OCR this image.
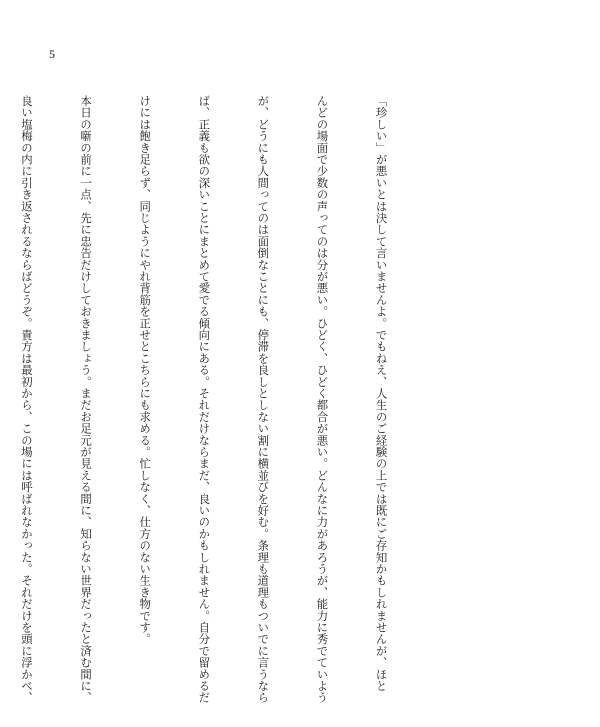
5

「珍しい」が悪いとは決して言いませんよ。でもねえ、人生のご経験の上では既にご存知かもしれませんが、ほと

んどの場面で少数の声ってのは分が悪い。ひどく、ひどく都合が悪い。どんなに力があろうが、能力に秀でていよう

が、どうにも人間ってのは面倒なことにも、停滞を良しとしない割に横並びを好む。条理も道理もついでに言うなら

ば、正義も欲の深いことにまとめて愛でる傾向にある。それだけならまだ、良いのかもしれません。自分で留めるだ

けには飽き足らず、同じようにやれ背筋を正せとこちらにも求める。忙しなく、仕方のない生き物です。

本日の噺の前に一点、先に忠告だけしておきましょう。まだお足元が見える間に、知らない世界だったと済む間に、

良い塩梅の内に引き返されるならばどうぞ。貴方は最初から、この場には呼ばれなかった。それだけを頭に浮かべ、
